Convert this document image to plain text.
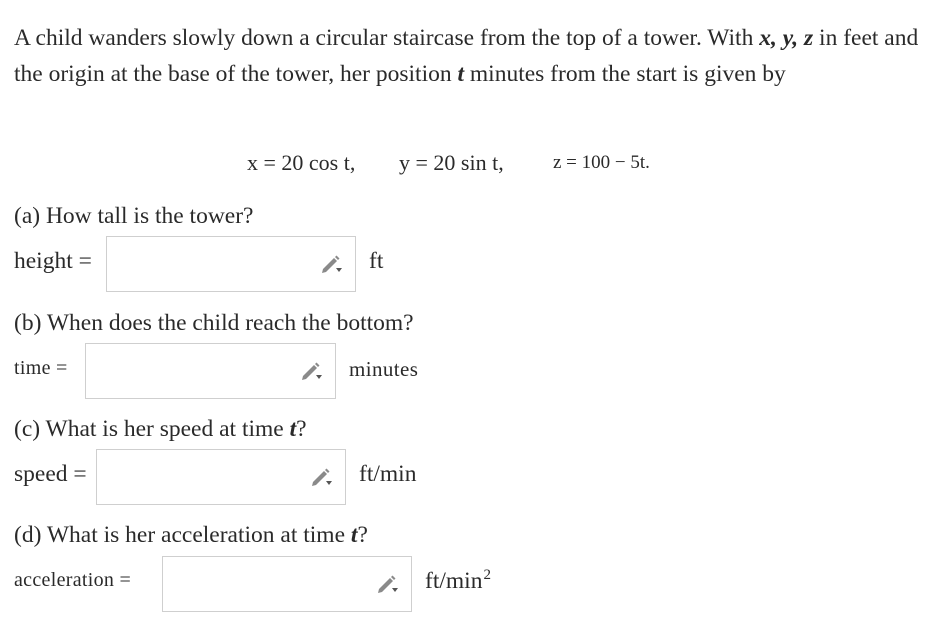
A child wanders slowly down a circular staircase from the top of a tower. With x, y, z in feet and the origin at the base of the tower, her position t minutes from the start is given by
x = 20 cos t, y = 20 sin t,	z = 100 − 5t.
(a) How tall is the tower?
height =	ft
(b) When does the child reach the bottom?
time =	minutes
(c) What is her speed at time t?
speed =	ft/min
(d) What is her acceleration at time t?
acceleration =	$ft/\min^2$
